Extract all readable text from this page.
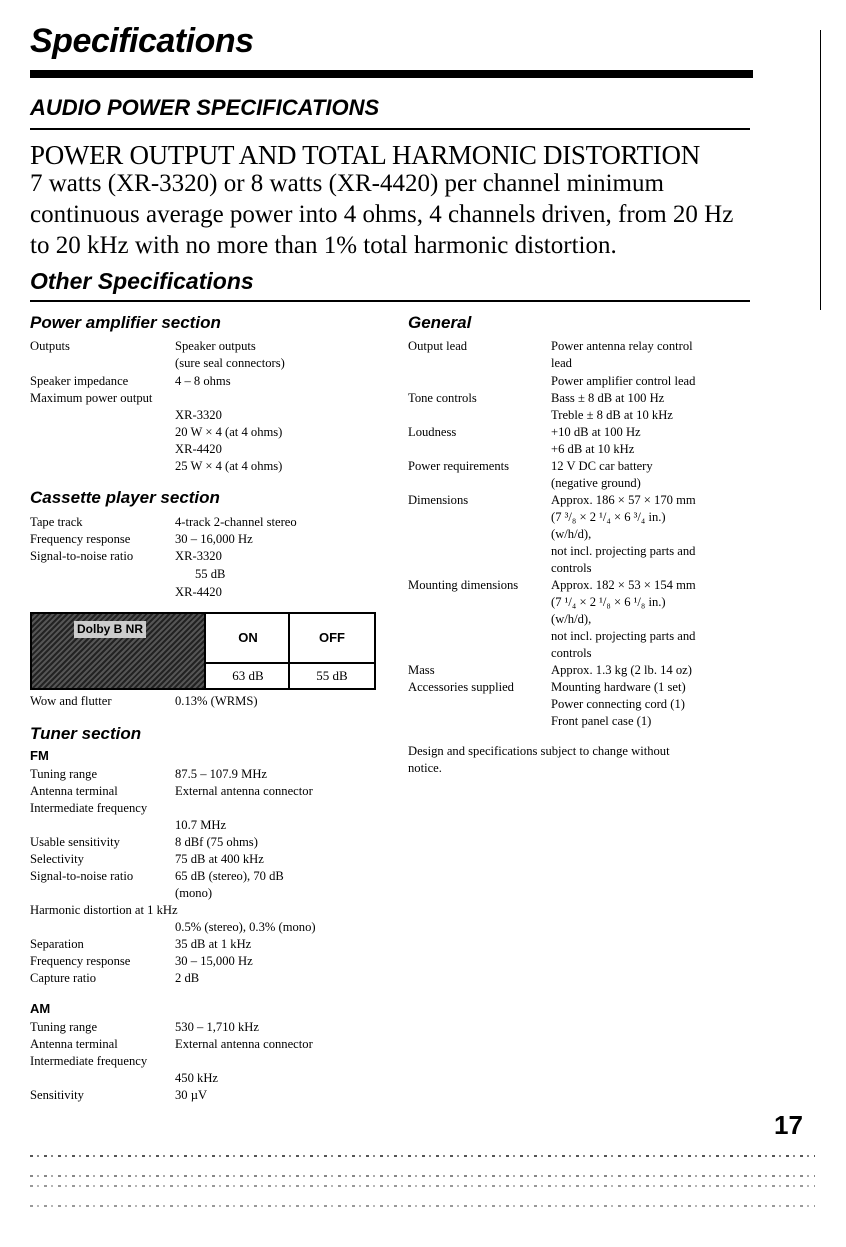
Specifications
AUDIO POWER SPECIFICATIONS
POWER OUTPUT AND TOTAL HARMONIC DISTORTION
7 watts (XR-3320) or 8 watts (XR-4420) per channel minimum continuous average power into 4 ohms, 4 channels driven, from 20 Hz to 20 kHz with no more than 1% total harmonic distortion.
Other Specifications
Power amplifier section
Outputs	Speaker outputs
(sure seal connectors)
Speaker impedance	4 – 8 ohms
Maximum power output
XR-3320
20 W × 4 (at 4 ohms)
XR-4420
25 W × 4 (at 4 ohms)
Cassette player section
Tape track	4-track 2-channel stereo
Frequency response	30 – 16,000 Hz
Signal-to-noise ratio	XR-3320
55 dB
XR-4420
Dolby B NR
ON	OFF
63 dB	55 dB
Wow and flutter	0.13% (WRMS)
Tuner section
FM
Tuning range	87.5 – 107.9 MHz
Antenna terminal	External antenna connector
Intermediate frequency
10.7 MHz
Usable sensitivity	8 dBf (75 ohms)
Selectivity	75 dB at 400 kHz
Signal-to-noise ratio	65 dB (stereo), 70 dB
(mono)
Harmonic distortion at 1 kHz
0.5% (stereo), 0.3% (mono)
Separation	35 dB at 1 kHz
Frequency response	30 – 15,000 Hz
Capture ratio	2 dB
AM
Tuning range	530 – 1,710 kHz
Antenna terminal	External antenna connector
Intermediate frequency
450 kHz
Sensitivity	30 µV
General
Output lead	Power antenna relay control
lead
Power amplifier control lead
Tone controls	Bass ± 8 dB at 100 Hz
Treble ± 8 dB at 10 kHz
Loudness	+10 dB at 100 Hz
+6 dB at 10 kHz
Power requirements	12 V DC car battery
(negative ground)
Dimensions	Approx. 186 × 57 × 170 mm
(7 ³/₈ × 2 ¹/₄ × 6 ³/₄ in.)
(w/h/d),
not incl. projecting parts and
controls
Mounting dimensions	Approx. 182 × 53 × 154 mm
(7 ¹/₄ × 2 ¹/₈ × 6 ¹/₈ in.)
(w/h/d),
not incl. projecting parts and
controls
Mass	Approx. 1.3 kg (2 lb. 14 oz)
Accessories supplied	Mounting hardware (1 set)
Power connecting cord (1)
Front panel case (1)
Design and specifications subject to change without
notice.
17
